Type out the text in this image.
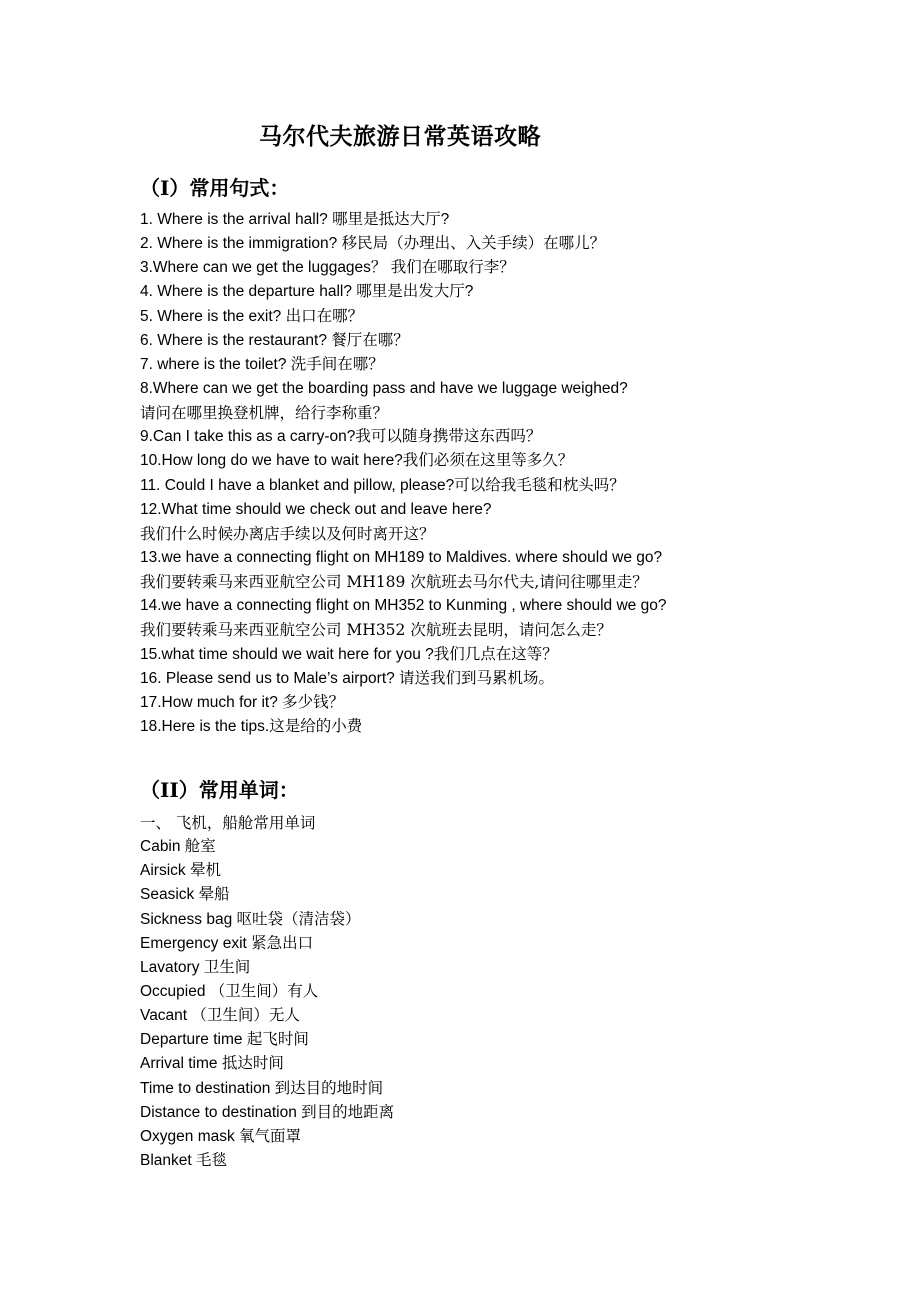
马尔代夫旅游日常英语攻略
（I）常用句式：
1. Where is the arrival hall? 哪里是抵达大厅?
2. Where is the immigration? 移民局（办理出、入关手续）在哪儿？
3.Where can we get the luggages？ 我们在哪取行李？
4. Where is the departure hall? 哪里是出发大厅?
5. Where is the exit? 出口在哪？
6. Where is the restaurant? 餐厅在哪？
7. where is the toilet? 洗手间在哪？
8.Where can we get the boarding pass and have we luggage weighed?
请问在哪里换登机牌，给行李称重？
9.Can I take this as a carry-on?我可以随身携带这东西吗？
10.How long do we have to wait here?我们必须在这里等多久？
11. Could I have a blanket and pillow, please?可以给我毛毯和枕头吗？
12.What time should we check out and leave here?
我们什么时候办离店手续以及何时离开这？
13.we have a connecting flight on MH189 to Maldives. where should we go?
我们要转乘马来西亚航空公司 MH189 次航班去马尔代夫,请问往哪里走？
14.we have a connecting flight on MH352 to Kunming , where should we go?
我们要转乘马来西亚航空公司 MH352 次航班去昆明，请问怎么走？
15.what time should we wait here for you ?我们几点在这等？
16. Please send us to Male’s airport? 请送我们到马累机场。
17.How much for it? 多少钱？
18.Here is the tips.这是给的小费
（II）常用单词：
一、 飞机，船舱常用单词
Cabin 舱室
Airsick 晕机
Seasick 晕船
Sickness bag 呕吐袋（清洁袋）
Emergency exit 紧急出口
Lavatory 卫生间
Occupied （卫生间）有人
Vacant （卫生间）无人
Departure time 起飞时间
Arrival time 抵达时间
Time to destination 到达目的地时间
Distance to destination 到目的地距离
Oxygen mask 氧气面罩
Blanket 毛毯
